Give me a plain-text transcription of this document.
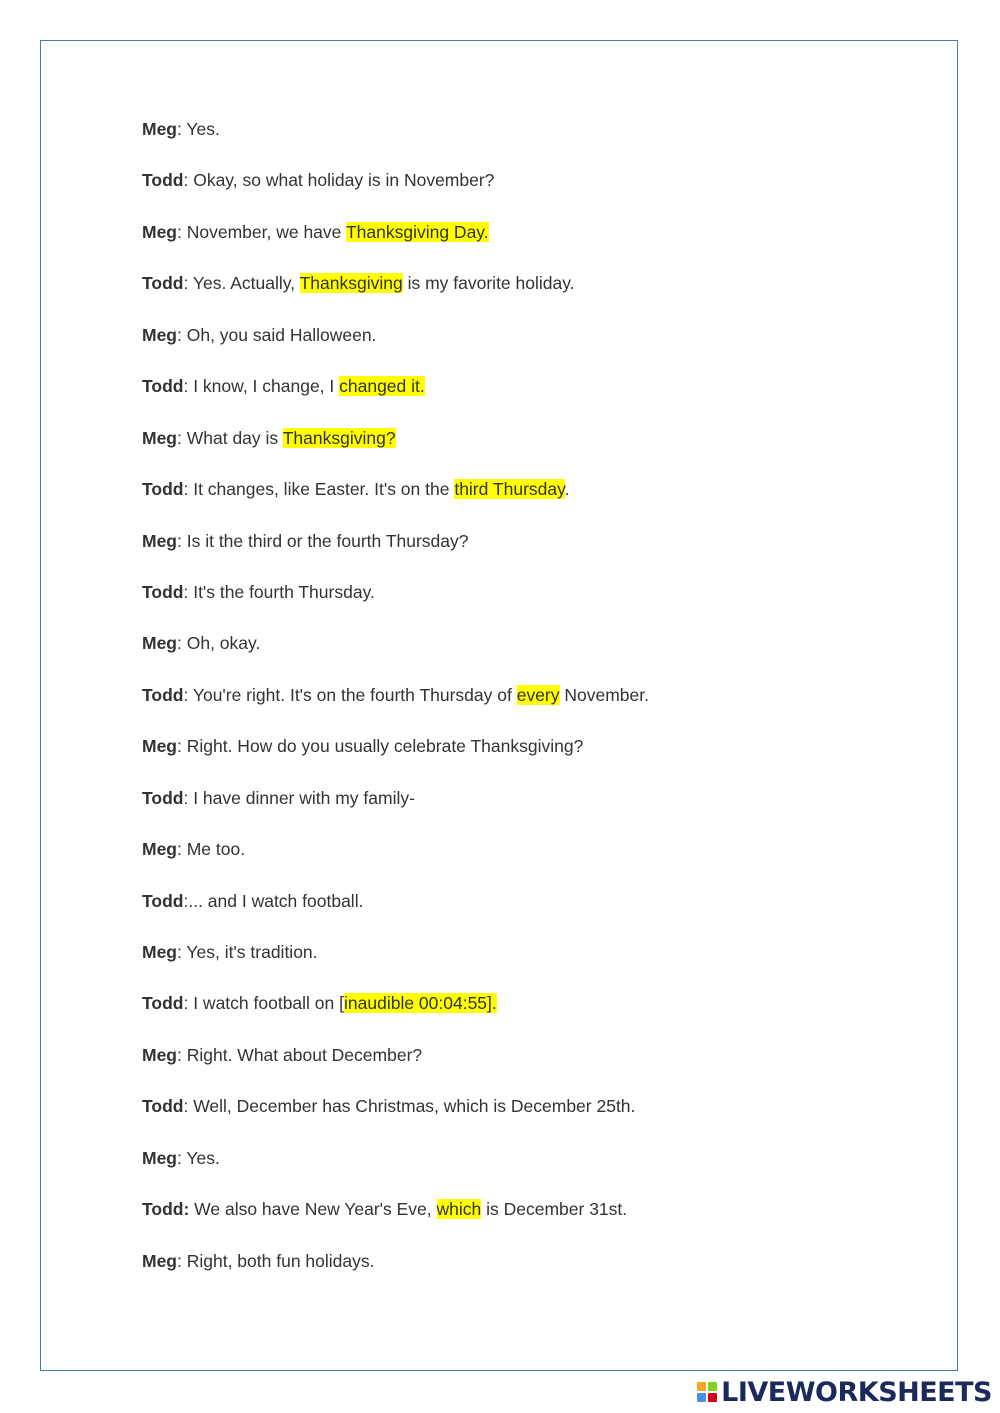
Meg: Yes.
Todd: Okay, so what holiday is in November?
Meg: November, we have Thanksgiving Day.
Todd: Yes. Actually, Thanksgiving is my favorite holiday.
Meg: Oh, you said Halloween.
Todd: I know, I change, I changed it.
Meg: What day is Thanksgiving?
Todd: It changes, like Easter. It's on the third Thursday.
Meg: Is it the third or the fourth Thursday?
Todd: It's the fourth Thursday.
Meg: Oh, okay.
Todd: You're right. It's on the fourth Thursday of every November.
Meg: Right. How do you usually celebrate Thanksgiving?
Todd: I have dinner with my family-
Meg: Me too.
Todd:... and I watch football.
Meg: Yes, it's tradition.
Todd: I watch football on [inaudible 00:04:55].
Meg: Right. What about December?
Todd: Well, December has Christmas, which is December 25th.
Meg: Yes.
Todd: We also have New Year's Eve, which is December 31st.
Meg: Right, both fun holidays.
LIVEWORKSHEETS
